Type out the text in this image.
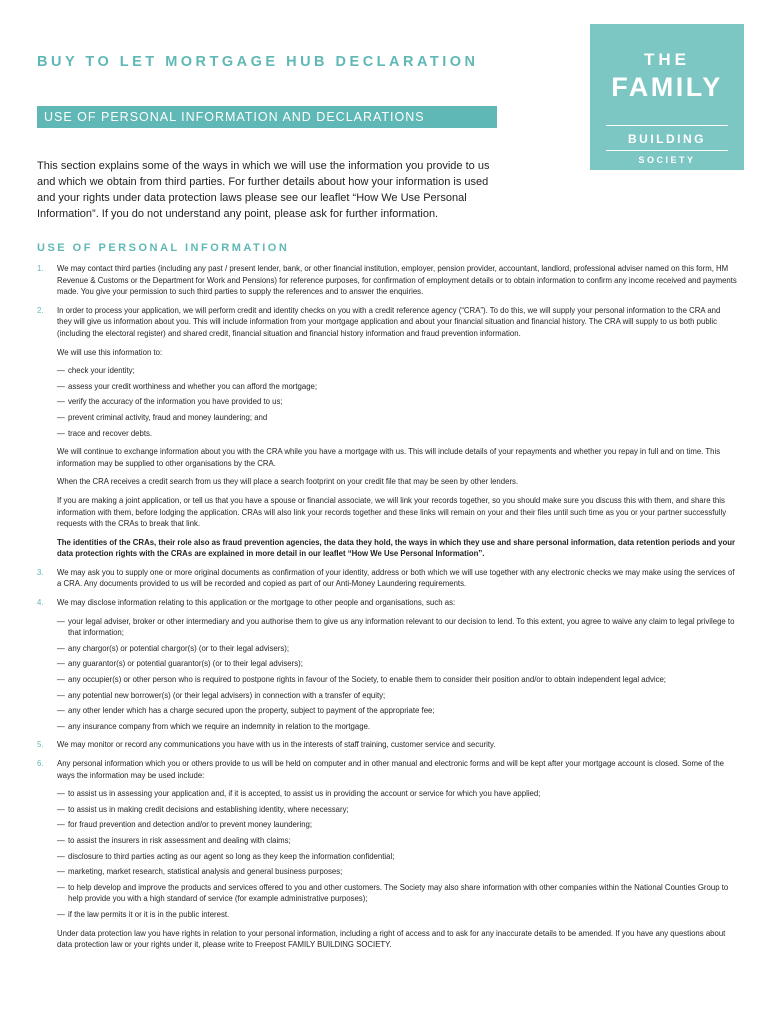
BUY TO LET MORTGAGE HUB DECLARATION
USE OF PERSONAL INFORMATION AND DECLARATIONS
THE
FAMILY
BUILDING
SOCIETY
This section explains some of the ways in which we will use the information you provide to us and which we obtain from third parties. For further details about how your information is used and your rights under data protection laws please see our leaflet “How We Use Personal Information”. If you do not understand any point, please ask for further information.
USE OF PERSONAL INFORMATION
1. We may contact third parties (including any past / present lender, bank, or other financial institution, employer, pension provider, accountant, landlord, professional adviser named on this form, HM Revenue & Customs or the Department for Work and Pensions) for reference purposes, for confirmation of employment details or to obtain information to confirm any income received and payments made. You give your permission to such third parties to supply the references and to answer the enquiries.

2. In order to process your application, we will perform credit and identity checks on you with a credit reference agency (“CRA”). To do this, we will supply your personal information to the CRA and they will give us information about you. This will include information from your mortgage application and about your financial situation and financial history. The CRA will supply to us both public (including the electoral register) and shared credit, financial situation and financial history information and fraud prevention information.

We will use this information to:

— check your identity;
— assess your credit worthiness and whether you can afford the mortgage;
— verify the accuracy of the information you have provided to us;
— prevent criminal activity, fraud and money laundering; and
— trace and recover debts.

We will continue to exchange information about you with the CRA while you have a mortgage with us. This will include details of your repayments and whether you repay in full and on time. This information may be supplied to other organisations by the CRA.

When the CRA receives a credit search from us they will place a search footprint on your credit file that may be seen by other lenders.

If you are making a joint application, or tell us that you have a spouse or financial associate, we will link your records together, so you should make sure you discuss this with them, and share this information with them, before lodging the application. CRAs will also link your records together and these links will remain on your and their files until such time as you or your partner successfully requests with the CRAs to break that link.

The identities of the CRAs, their role also as fraud prevention agencies, the data they hold, the ways in which they use and share personal information, data retention periods and your data protection rights with the CRAs are explained in more detail in our leaflet “How We Use Personal Information”.

3. We may ask you to supply one or more original documents as confirmation of your identity, address or both which we will use together with any electronic checks we may make using the services of a CRA. Any documents provided to us will be recorded and copied as part of our Anti-Money Laundering requirements.

4. We may disclose information relating to this application or the mortgage to other people and organisations, such as:

— your legal adviser, broker or other intermediary and you authorise them to give us any information relevant to our decision to lend. To this extent, you agree to waive any claim to legal privilege to that information;
— any chargor(s) or potential chargor(s) (or to their legal advisers);
— any guarantor(s) or potential guarantor(s) (or to their legal advisers);
— any occupier(s) or other person who is required to postpone rights in favour of the Society, to enable them to consider their position and/or to obtain independent legal advice;
— any potential new borrower(s) (or their legal advisers) in connection with a transfer of equity;
— any other lender which has a charge secured upon the property, subject to payment of the appropriate fee;
— any insurance company from which we require an indemnity in relation to the mortgage.
5. We may monitor or record any communications you have with us in the interests of staff training, customer service and security.

6. Any personal information which you or others provide to us will be held on computer and in other manual and electronic forms and will be kept after your mortgage account is closed. Some of the ways the information may be used include:

— to assist us in assessing your application and, if it is accepted, to assist us in providing the account or service for which you have applied;
— to assist us in making credit decisions and establishing identity, where necessary;
— for fraud prevention and detection and/or to prevent money laundering;
— to assist the insurers in risk assessment and dealing with claims;
— disclosure to third parties acting as our agent so long as they keep the information confidential;
— marketing, market research, statistical analysis and general business purposes;
— to help develop and improve the products and services offered to you and other customers. The Society may also share information with other companies within the National Counties Group to help provide you with a high standard of service (for example administrative purposes);
— if the law permits it or it is in the public interest.

Under data protection law you have rights in relation to your personal information, including a right of access and to ask for any inaccurate details to be amended. If you have any questions about data protection law or your rights under it, please write to Freepost FAMILY BUILDING SOCIETY.
